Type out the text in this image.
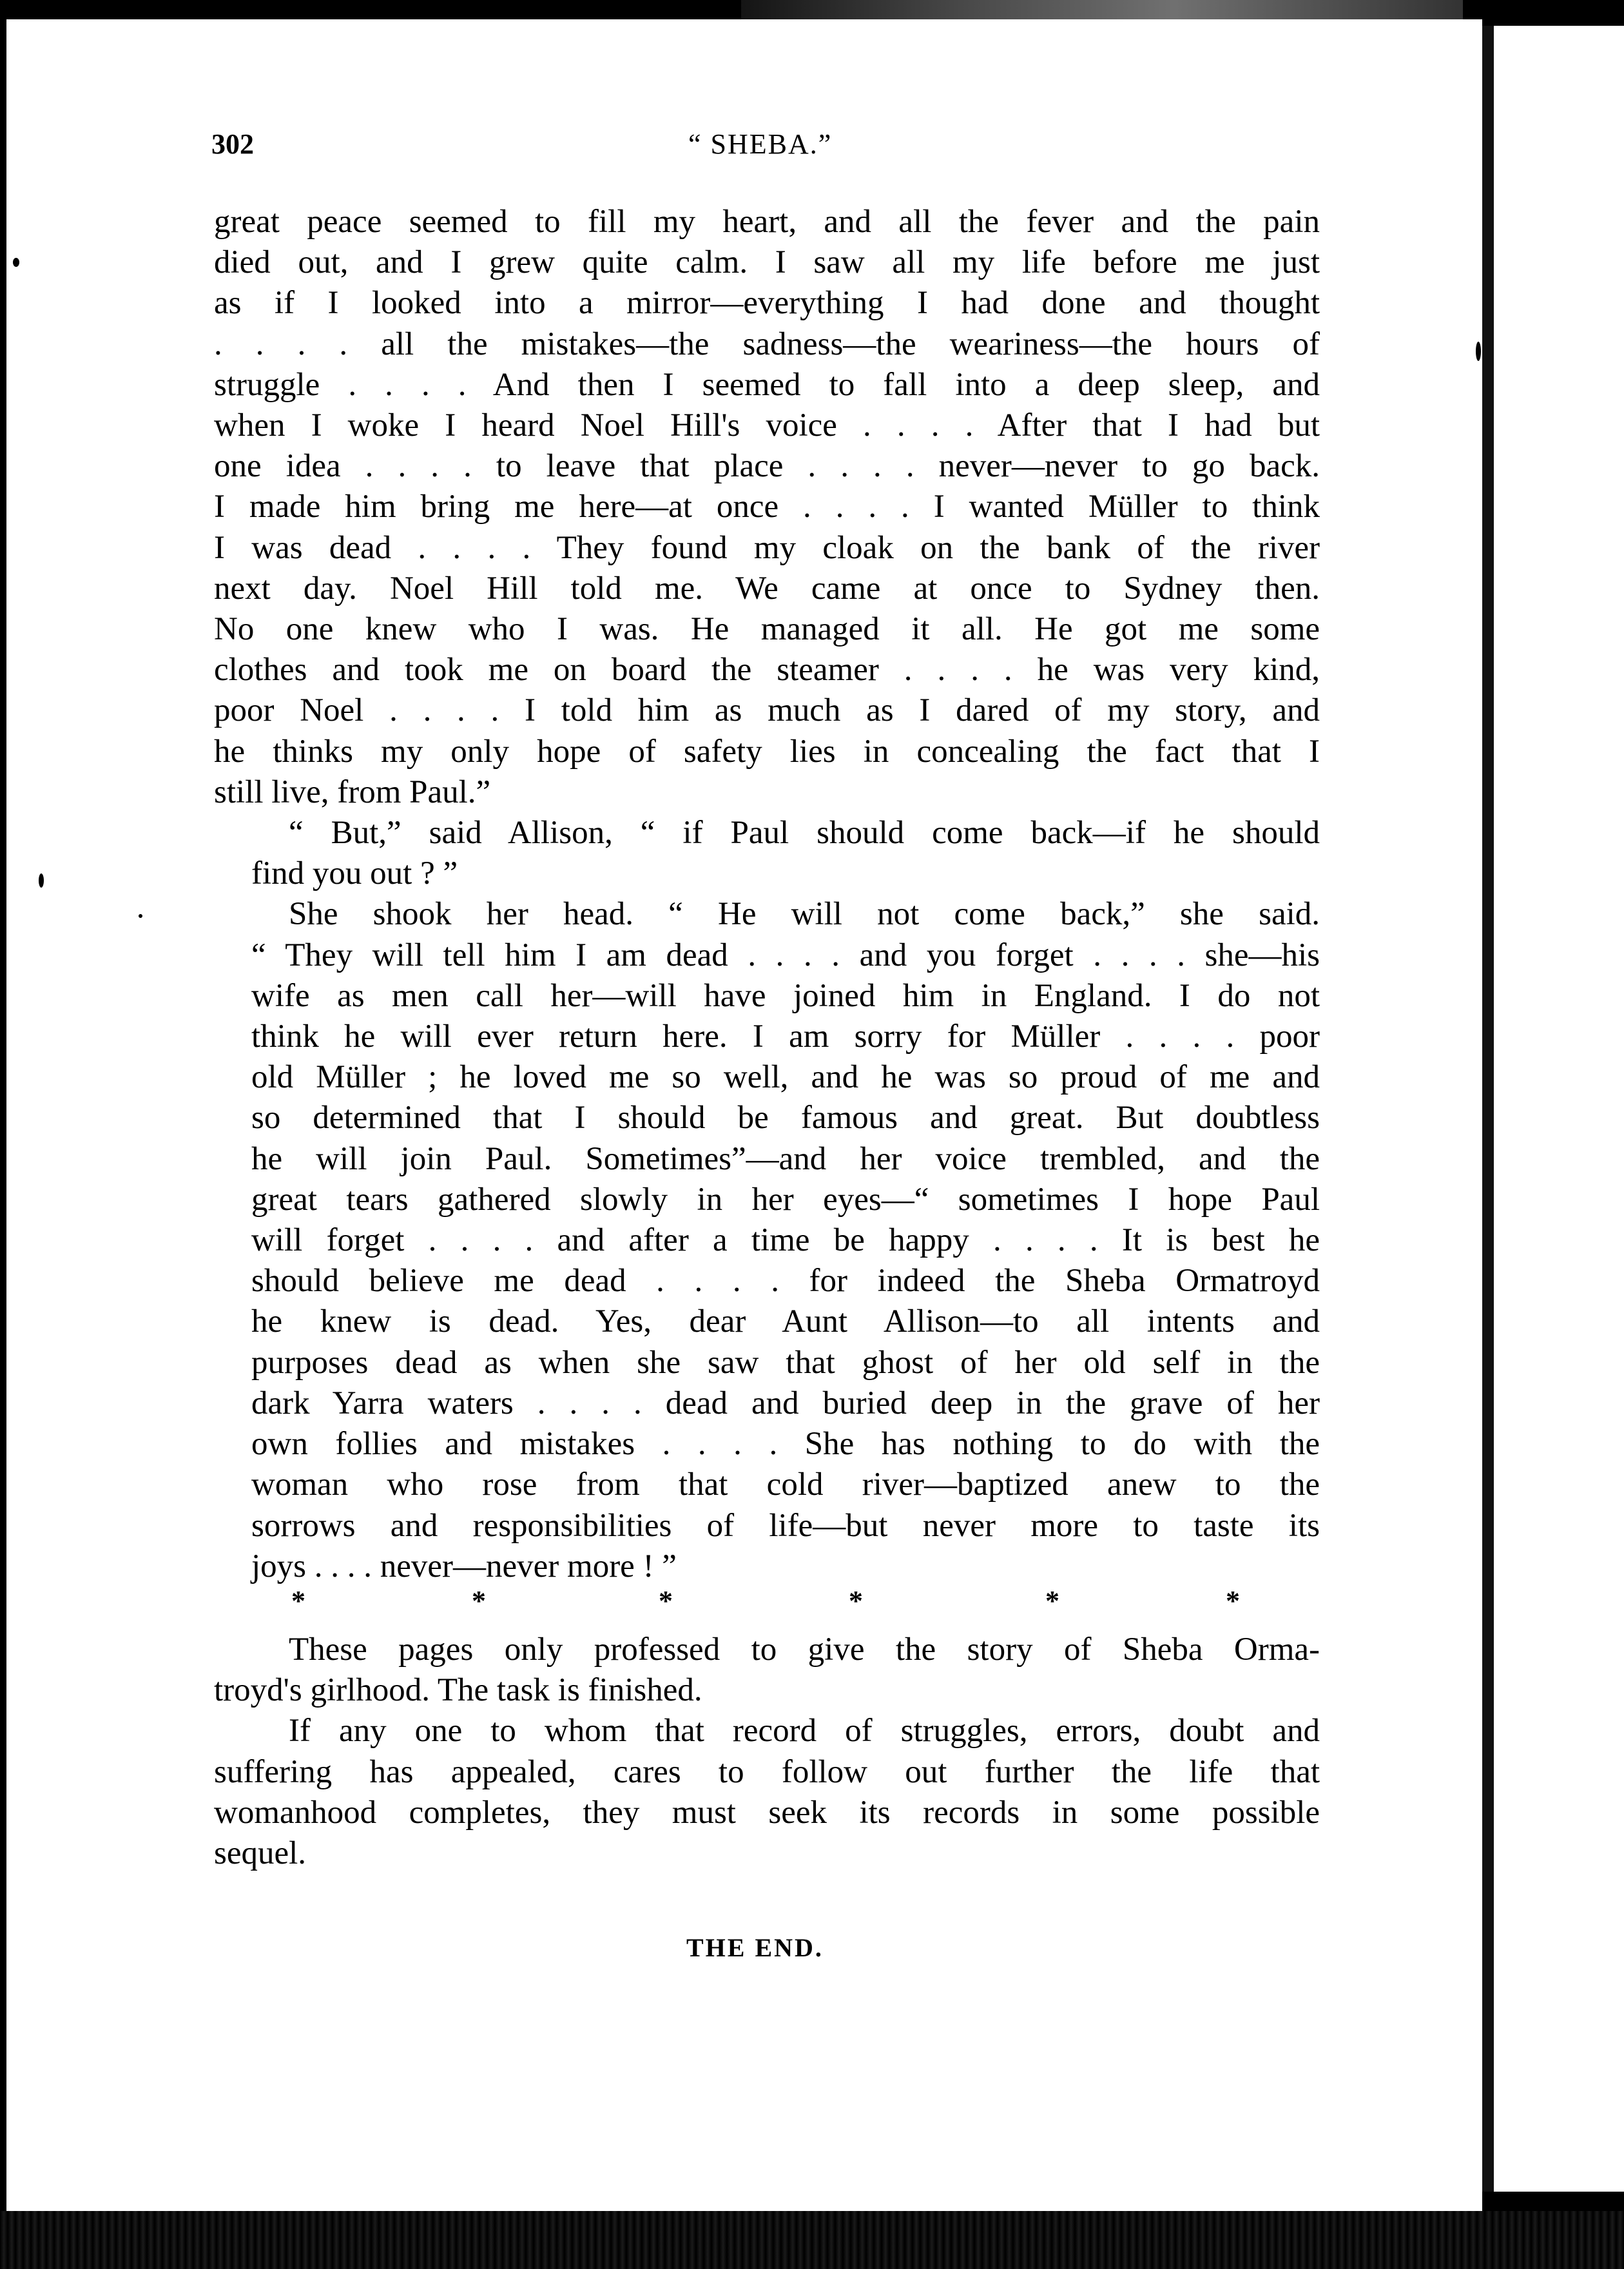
302	“ SHEBA.”

great peace seemed to fill my heart, and all the fever and the pain
died out, and I grew quite calm. I saw all my life before me just
as if I looked into a mirror—everything I had done and thought
. . . . all the mistakes—the sadness—the weariness—the hours of
struggle . . . . And then I seemed to fall into a deep sleep, and
when I woke I heard Noel Hill's voice . . . . After that I had but
one idea . . . . to leave that place . . . . never—never to go back.
I made him bring me here—at once . . . . I wanted Müller to think
I was dead . . . . They found my cloak on the bank of the river
next day. Noel Hill told me. We came at once to Sydney then.
No one knew who I was. He managed it all. He got me some
clothes and took me on board the steamer . . . . he was very kind,
poor Noel . . . . I told him as much as I dared of my story, and
he thinks my only hope of safety lies in concealing the fact that I
still live, from Paul.”

“ But,” said Allison, “ if Paul should come back—if he should
find you out ? ”

She shook her head. “ He will not come back,” she said.
“ They will tell him I am dead . . . . and you forget . . . . she—his
wife as men call her—will have joined him in England. I do not
think he will ever return here. I am sorry for Müller . . . . poor
old Müller ; he loved me so well, and he was so proud of me and
so determined that I should be famous and great. But doubtless
he will join Paul. Sometimes”—and her voice trembled, and the
great tears gathered slowly in her eyes—“ sometimes I hope Paul
will forget . . . . and after a time be happy . . . . It is best he
should believe me dead . . . . for indeed the Sheba Ormatroyd
he knew is dead. Yes, dear Aunt Allison—to all intents and
purposes dead as when she saw that ghost of her old self in the
dark Yarra waters . . . . dead and buried deep in the grave of her
own follies and mistakes . . . . She has nothing to do with the
woman who rose from that cold river—baptized anew to the
sorrows and responsibilities of life—but never more to taste its
joys . . . . never—never more ! ”

*	*	*	*	*	*

These pages only professed to give the story of Sheba Orma-
troyd's girlhood. The task is finished.

If any one to whom that record of struggles, errors, doubt and
suffering has appealed, cares to follow out further the life that
womanhood completes, they must seek its records in some possible
sequel.

THE END.
